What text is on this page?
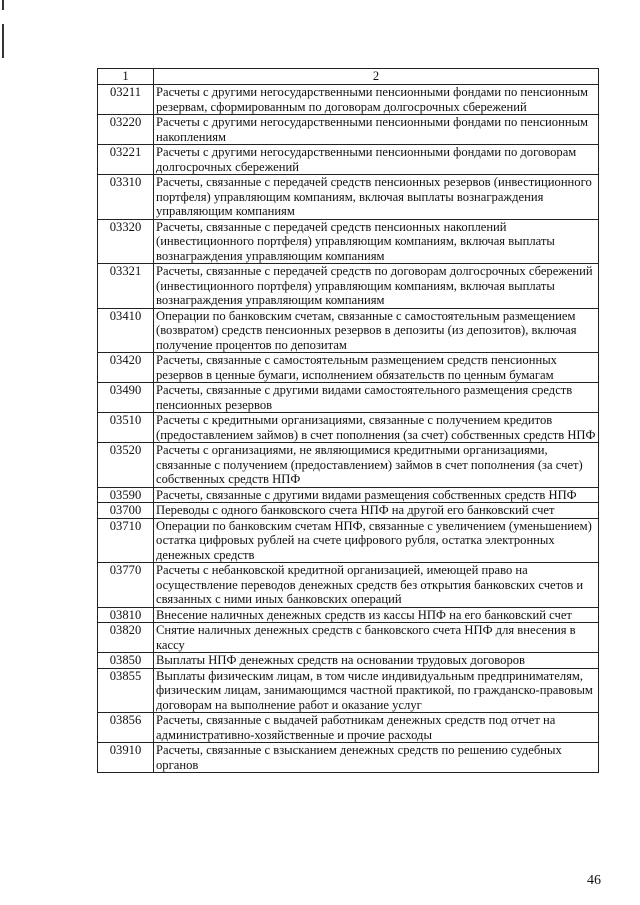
1	2
03211	Расчеты с другими негосударственными пенсионными фондами по пенсионным резервам, сформированным по договорам долгосрочных сбережений
03220	Расчеты с другими негосударственными пенсионными фондами по пенсионным накоплениям
03221	Расчеты с другими негосударственными пенсионными фондами по договорам долгосрочных сбережений
03310	Расчеты, связанные с передачей средств пенсионных резервов (инвестиционного портфеля) управляющим компаниям, включая выплаты вознаграждения управляющим компаниям
03320	Расчеты, связанные с передачей средств пенсионных накоплений (инвестиционного портфеля) управляющим компаниям, включая выплаты вознаграждения управляющим компаниям
03321	Расчеты, связанные с передачей средств по договорам долгосрочных сбережений (инвестиционного портфеля) управляющим компаниям, включая выплаты вознаграждения управляющим компаниям
03410	Операции по банковским счетам, связанные с самостоятельным размещением (возвратом) средств пенсионных резервов в депозиты (из депозитов), включая получение процентов по депозитам
03420	Расчеты, связанные с самостоятельным размещением средств пенсионных резервов в ценные бумаги, исполнением обязательств по ценным бумагам
03490	Расчеты, связанные с другими видами самостоятельного размещения средств пенсионных резервов
03510	Расчеты с кредитными организациями, связанные с получением кредитов (предоставлением займов) в счет пополнения (за счет) собственных средств НПФ
03520	Расчеты с организациями, не являющимися кредитными организациями, связанные с получением (предоставлением) займов в счет пополнения (за счет) собственных средств НПФ
03590	Расчеты, связанные с другими видами размещения собственных средств НПФ
03700	Переводы с одного банковского счета НПФ на другой его банковский счет
03710	Операции по банковским счетам НПФ, связанные с увеличением (уменьшением) остатка цифровых рублей на счете цифрового рубля, остатка электронных денежных средств
03770	Расчеты с небанковской кредитной организацией, имеющей право на осуществление переводов денежных средств без открытия банковских счетов и связанных с ними иных банковских операций
03810	Внесение наличных денежных средств из кассы НПФ на его банковский счет
03820	Снятие наличных денежных средств с банковского счета НПФ для внесения в кассу
03850	Выплаты НПФ денежных средств на основании трудовых договоров
03855	Выплаты физическим лицам, в том числе индивидуальным предпринимателям, физическим лицам, занимающимся частной практикой, по гражданско-правовым договорам на выполнение работ и оказание услуг
03856	Расчеты, связанные с выдачей работникам денежных средств под отчет на административно-хозяйственные и прочие расходы
03910	Расчеты, связанные с взысканием денежных средств по решению судебных органов
46
